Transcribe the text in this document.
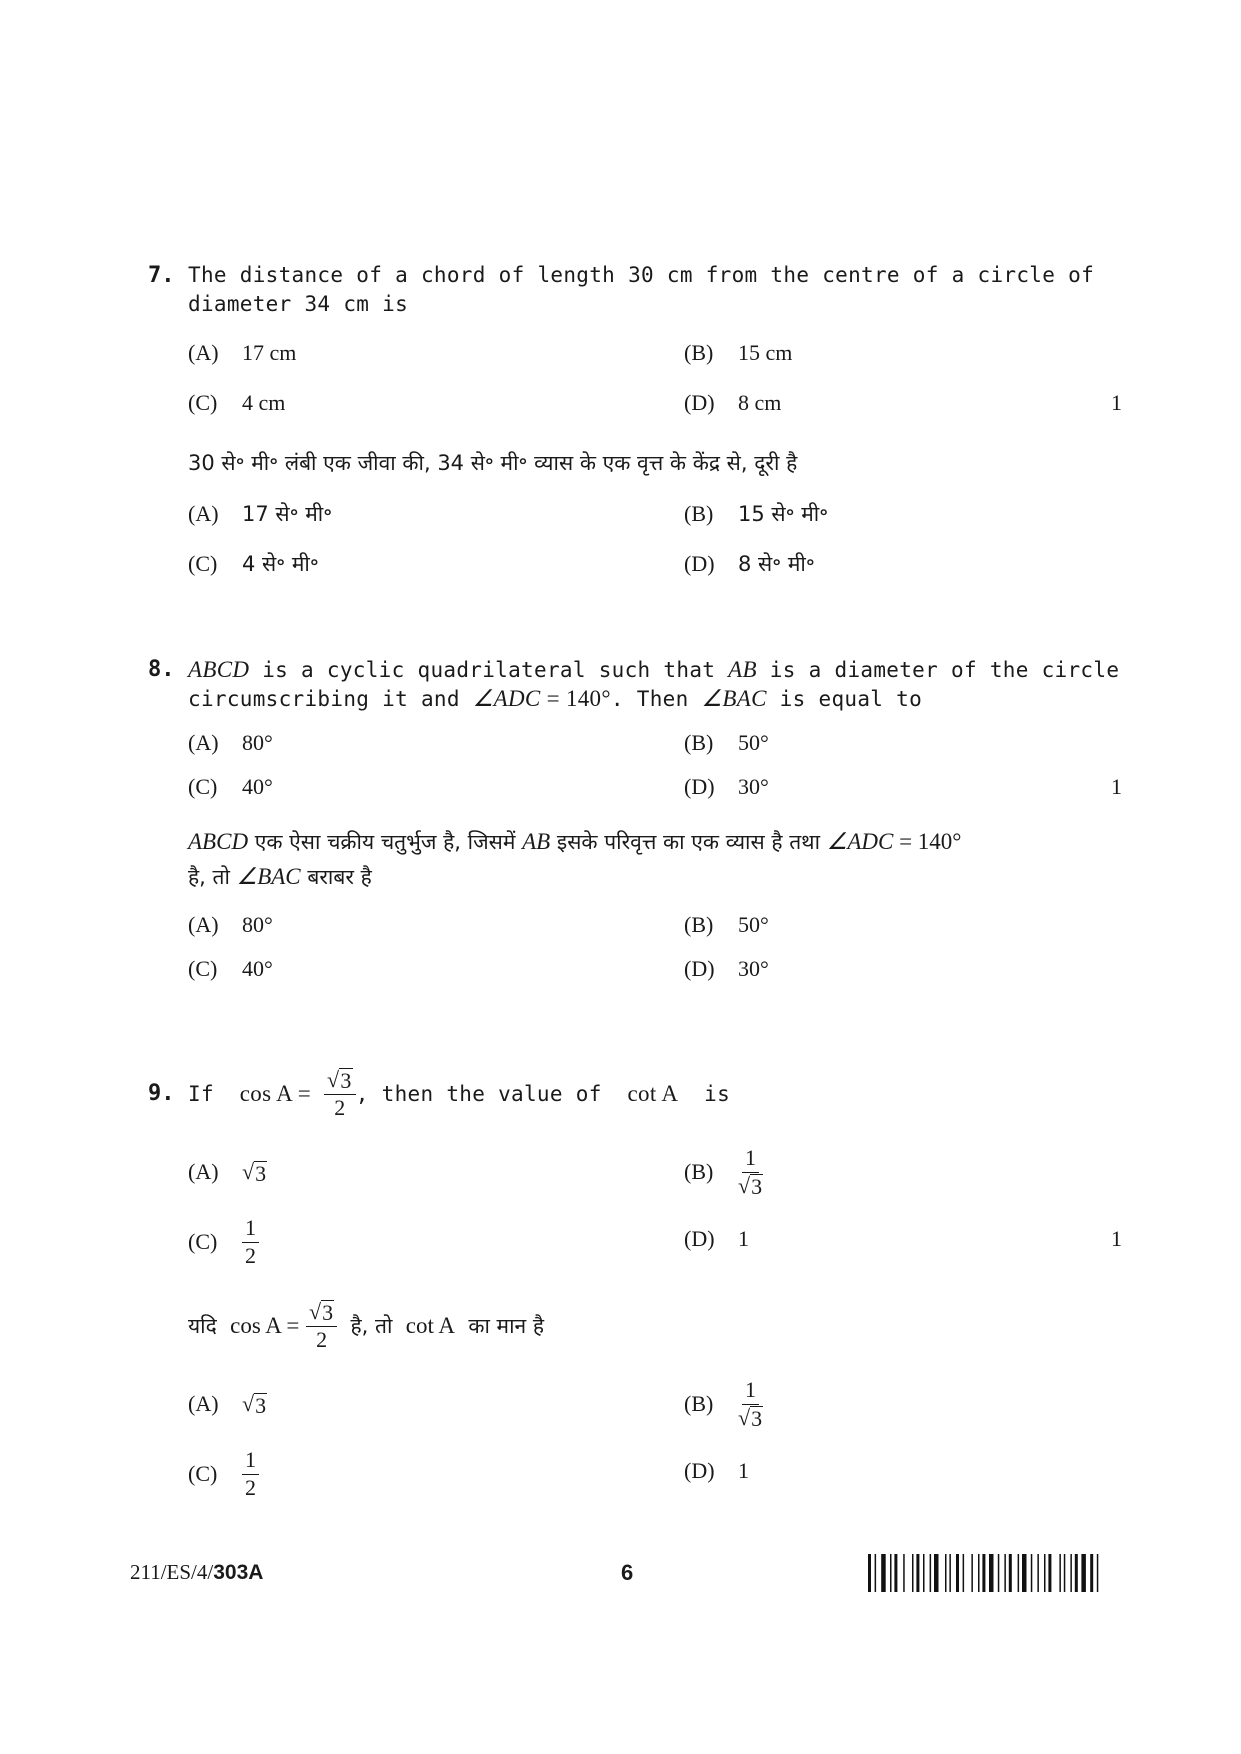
7. The distance of a chord of length 30 cm from the centre of a circle of
diameter 34 cm is
(A) 17 cm	(B) 15 cm
(C) 4 cm	(D) 8 cm	1
30 से॰ मी॰ लंबी एक जीवा की, 34 से॰ मी॰ व्यास के एक वृत्त के केंद्र से, दूरी है
(A) 17 से॰ मी॰	(B) 15 से॰ मी॰
(C) 4 से॰ मी॰	(D) 8 से॰ मी॰
8. ABCD is a cyclic quadrilateral such that AB is a diameter of the circle
circumscribing it and ∠ADC = 140°. Then ∠BAC is equal to
(A) 80°	(B) 50°
(C) 40°	(D) 30°	1
ABCD एक ऐसा चक्रीय चतुर्भुज है, जिसमें AB इसके परिवृत्त का एक व्यास है तथा ∠ADC = 140°
है, तो ∠BAC बराबर है
(A) 80°	(B) 50°
(C) 40°	(D) 30°
9. If
cos A =
$\frac{√ 3}{2}$ , then the value of
cot A
is
(A)	√ 3	(B)	$\frac{1}{√ 3}$
(C)	$\frac{1}{2}$	(D) 1	1
यदि
cos A =
$\frac{√ 3}{2}$
है, तो
cot A
का मान है
(A)	√ 3	(B)	$\frac{1}{√ 3}$
(C)	$\frac{1}{2}$	(D) 1
211/ES/4/303A	6
